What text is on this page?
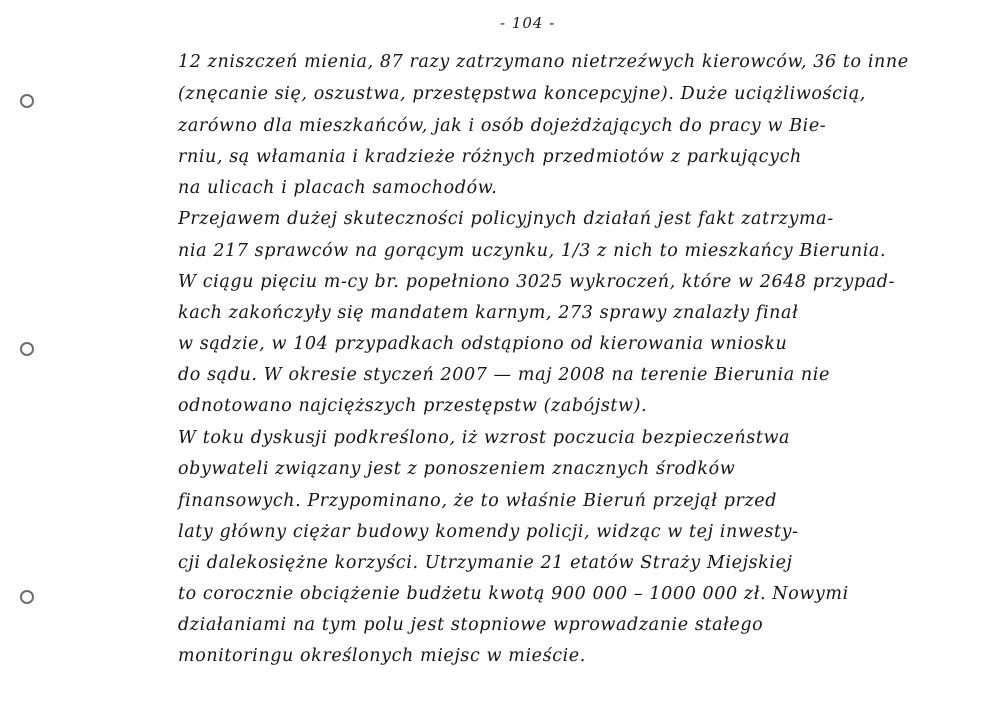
- 104 -
12 zniszczeń mienia, 87 razy zatrzymano nietrzeźwych kierowców, 36 to inne
(znęcanie się, oszustwa, przestępstwa koncepcyjne). Duże uciążliwością,
zarówno dla mieszkańców, jak i osób dojeżdżających do pracy w Bie-
rniu, są włamania i kradzieże różnych przedmiotów z parkujących
na ulicach i placach samochodów.
Przejawem dużej skuteczności policyjnych działań jest fakt zatrzyma-
nia 217 sprawców na gorącym uczynku, 1/3 z nich to mieszkańcy Bierunia.
W ciągu pięciu m-cy br. popełniono 3025 wykroczeń, które w 2648 przypad-
kach zakończyły się mandatem karnym, 273 sprawy znalazły finał
w sądzie, w 104 przypadkach odstąpiono od kierowania wniosku
do sądu. W okresie styczeń 2007 — maj 2008 na terenie Bierunia nie
odnotowano najcięższych przestępstw (zabójstw).
W toku dyskusji podkreślono, iż wzrost poczucia bezpieczeństwa
obywateli związany jest z ponoszeniem znacznych środków
finansowych. Przypominano, że to właśnie Bieruń przejął przed
laty główny ciężar budowy komendy policji, widząc w tej inwesty-
cji dalekosiężne korzyści. Utrzymanie 21 etatów Straży Miejskiej
to corocznie obciążenie budżetu kwotą 900 000 – 1000 000 zł. Nowymi
działaniami na tym polu jest stopniowe wprowadzanie stałego
monitoringu określonych miejsc w mieście.
